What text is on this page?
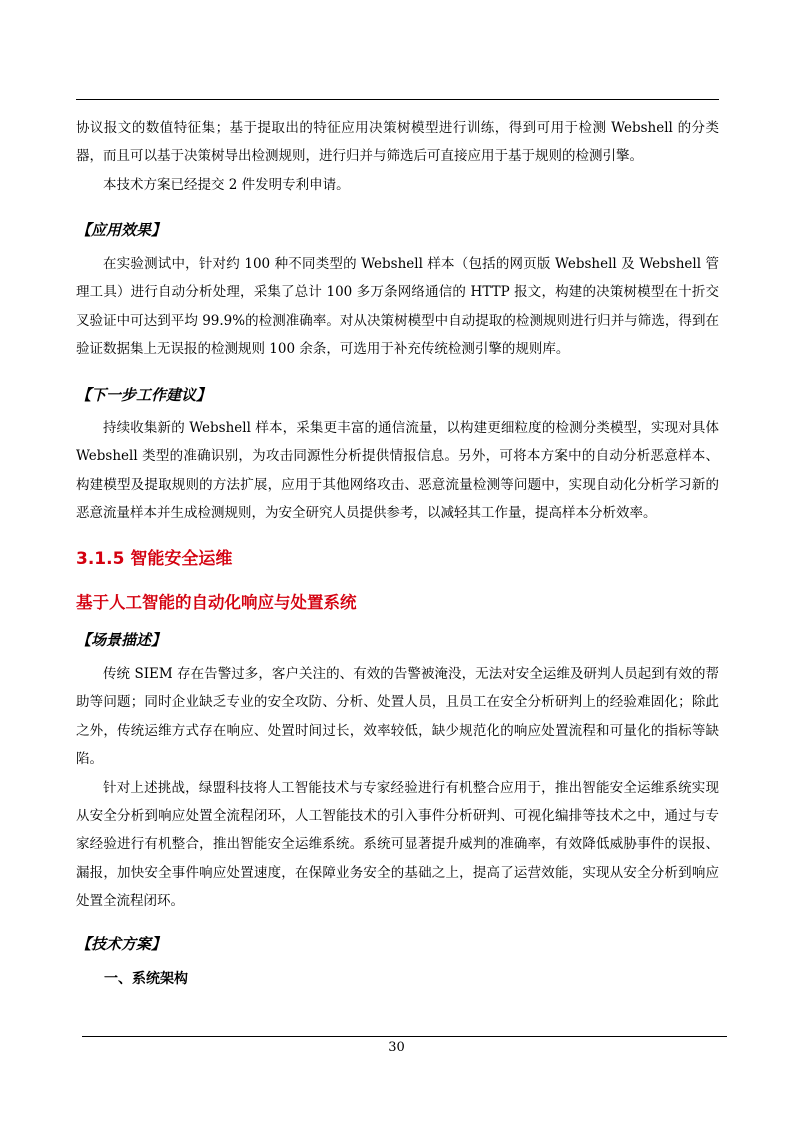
协议报文的数值特征集；基于提取出的特征应用决策树模型进行训练，得到可用于检测 Webshell 的分类器，而且可以基于决策树导出检测规则，进行归并与筛选后可直接应用于基于规则的检测引擎。

本技术方案已经提交 2 件发明专利申请。

【应用效果】

在实验测试中，针对约 100 种不同类型的 Webshell 样本（包括的网页版 Webshell 及 Webshell 管理工具）进行自动分析处理，采集了总计 100 多万条网络通信的 HTTP 报文，构建的决策树模型在十折交叉验证中可达到平均 99.9%的检测准确率。对从决策树模型中自动提取的检测规则进行归并与筛选，得到在验证数据集上无误报的检测规则 100 余条，可选用于补充传统检测引擎的规则库。

【下一步工作建议】

持续收集新的 Webshell 样本，采集更丰富的通信流量，以构建更细粒度的检测分类模型，实现对具体 Webshell 类型的准确识别，为攻击同源性分析提供情报信息。另外，可将本方案中的自动分析恶意样本、构建模型及提取规则的方法扩展，应用于其他网络攻击、恶意流量检测等问题中，实现自动化分析学习新的恶意流量样本并生成检测规则，为安全研究人员提供参考，以减轻其工作量，提高样本分析效率。

3.1.5 智能安全运维
基于人工智能的自动化响应与处置系统
【场景描述】

传统 SIEM 存在告警过多，客户关注的、有效的告警被淹没，无法对安全运维及研判人员起到有效的帮助等问题；同时企业缺乏专业的安全攻防、分析、处置人员，且员工在安全分析研判上的经验难固化；除此之外，传统运维方式存在响应、处置时间过长，效率较低，缺少规范化的响应处置流程和可量化的指标等缺陷。

针对上述挑战，绿盟科技将人工智能技术与专家经验进行有机整合应用于，推出智能安全运维系统实现从安全分析到响应处置全流程闭环，人工智能技术的引入事件分析研判、可视化编排等技术之中，通过与专家经验进行有机整合，推出智能安全运维系统。系统可显著提升威判的准确率，有效降低威胁事件的误报、漏报，加快安全事件响应处置速度，在保障业务安全的基础之上，提高了运营效能，实现从安全分析到响应处置全流程闭环。

【技术方案】
一、系统架构
30
